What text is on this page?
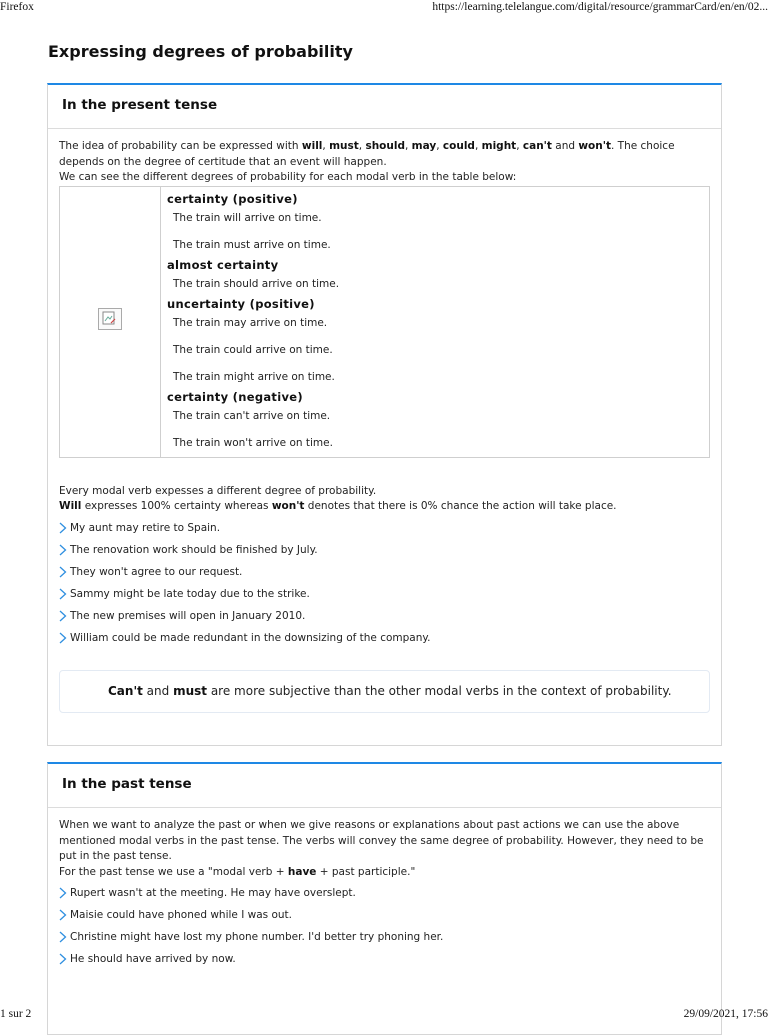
Firefox	https://learning.telelangue.com/digital/resource/grammarCard/en/en/02...
Expressing degrees of probability
In the present tense

The idea of probability can be expressed with will, must, should, may, could, might, can't and won't. The choice depends on the degree of certitude that an event will happen.

We can see the different degrees of probability for each modal verb in the table below:

certainty (positive)
The train will arrive on time.
The train must arrive on time.
almost certainty
The train should arrive on time.
uncertainty (positive)
The train may arrive on time.
The train could arrive on time.
The train might arrive on time.
certainty (negative)
The train can't arrive on time.
The train won't arrive on time.

Every modal verb expesses a different degree of probability.

Will expresses 100% certainty whereas won't denotes that there is 0% chance the action will take place.

My aunt may retire to Spain.
The renovation work should be finished by July.
They won't agree to our request.
Sammy might be late today due to the strike.
The new premises will open in January 2010.
William could be made redundant in the downsizing of the company.
Can't and must are more subjective than the other modal verbs in the context of probability.
In the past tense

When we want to analyze the past or when we give reasons or explanations about past actions we can use the above mentioned modal verbs in the past tense. The verbs will convey the same degree of probability. However, they need to be put in the past tense.

For the past tense we use a "modal verb + have + past participle."

Rupert wasn't at the meeting. He may have overslept.
Maisie could have phoned while I was out.
Christine might have lost my phone number. I'd better try phoning her.
He should have arrived by now.
1 sur 2	29/09/2021, 17:56
